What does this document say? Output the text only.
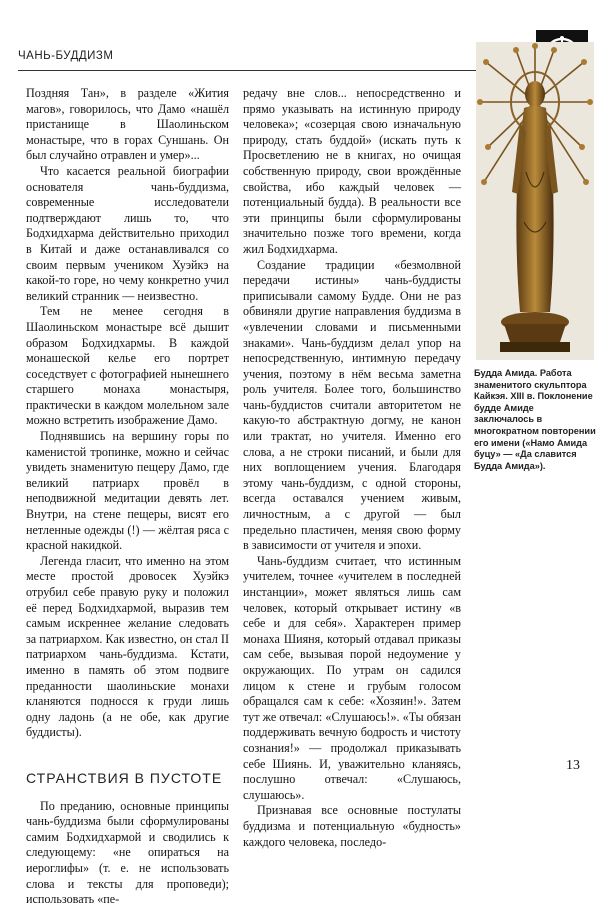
ЧАНЬ-БУДДИЗМ

Поздняя Тан», в разделе «Жития магов», говорилось, что Дамо «нашёл пристанище в Шаолиньском монастыре, что в горах Суншань. Он был случайно отравлен и умер»...

Что касается реальной биографии основателя чань-буддизма, современные исследователи подтверждают лишь то, что Бодхидхарма действительно приходил в Китай и даже останавливался со своим первым учеником Хуэйкэ на какой-то горе, но чему конкретно учил великий странник — неизвестно.

Тем не менее сегодня в Шаолиньском монастыре всё дышит образом Бодхидхармы. В каждой монашеской келье его портрет соседствует с фотографией нынешнего старшего монаха монастыря, практически в каждом молельном зале можно встретить изображение Дамо.

Поднявшись на вершину горы по каменистой тропинке, можно и сейчас увидеть знаменитую пещеру Дамо, где великий патриарх провёл в неподвижной медитации девять лет. Внутри, на стене пещеры, висят его нетленные одежды (!) — жёлтая ряса с красной накидкой.

Легенда гласит, что именно на этом месте простой дровосек Хуэйкэ отрубил себе правую руку и положил её перед Бодхидхармой, выразив тем самым искреннее желание следовать за патриархом. Как известно, он стал II патриархом чань-буддизма. Кстати, именно в память об этом подвиге преданности шаолиньские монахи кланяются подносся к груди лишь одну ладонь (а не обе, как другие буддисты).

СТРАНСТВИЯ В ПУСТОТЕ

По преданию, основные принципы чань-буддизма были сформулированы самим Бодхидхармой и сводились к следующему: «не опираться на иероглифы» (т. е. не использовать слова и тексты для проповеди); использовать «пе-

редачу вне слов... непосредственно и прямо указывать на истинную природу человека»; «созерцая свою изначальную природу, стать буддой» (искать путь к Просветлению не в книгах, но очищая собственную природу, свои врождённые свойства, ибо каждый человек — потенциальный будда). В реальности все эти принципы были сформулированы значительно позже того времени, когда жил Бодхидхарма.

Создание традиции «безмолвной передачи истины» чань-буддисты приписывали самому Будде. Они не раз обвиняли другие направления буддизма в «увлечении словами и письменными знаками». Чань-буддизм делал упор на непосредственную, интимную передачу учения, поэтому в нём весьма заметна роль учителя. Более того, большинство чань-буддистов считали авторитетом не какую-то абстрактную догму, не канон или трактат, но учителя. Именно его слова, а не строки писаний, и были для них воплощением учения. Благодаря этому чань-буддизм, с одной стороны, всегда оставался учением живым, личностным, а с другой — был предельно пластичен, меняя свою форму в зависимости от учителя и эпохи.

Чань-буддизм считает, что истинным учителем, точнее «учителем в последней инстанции», может являться лишь сам человек, который открывает истину «в себе и для себя». Характерен пример монаха Шияня, который отдавал приказы сам себе, вызывая порой недоумение у окружающих. По утрам он садился лицом к стене и грубым голосом обращался сам к себе: «Хозяин!». Затем тут же отвечал: «Слушаюсь!». «Ты обязан поддерживать вечную бодрость и чистоту сознания!» — продолжал приказывать себе Шиянь. И, уважительно кланяясь, послушно отвечал: «Слушаюсь, слушаюсь».

Признавая все основные постулаты буддизма и потенциальную «будность» каждого человека, последо-

Будда Амида. Работа знаменитого скульптора Кайкэя. XIII в. Поклонение будде Амиде заключалось в многократном повторении его имени («Намо Амида буцу» — «Да славится Будда Амида»).
13
